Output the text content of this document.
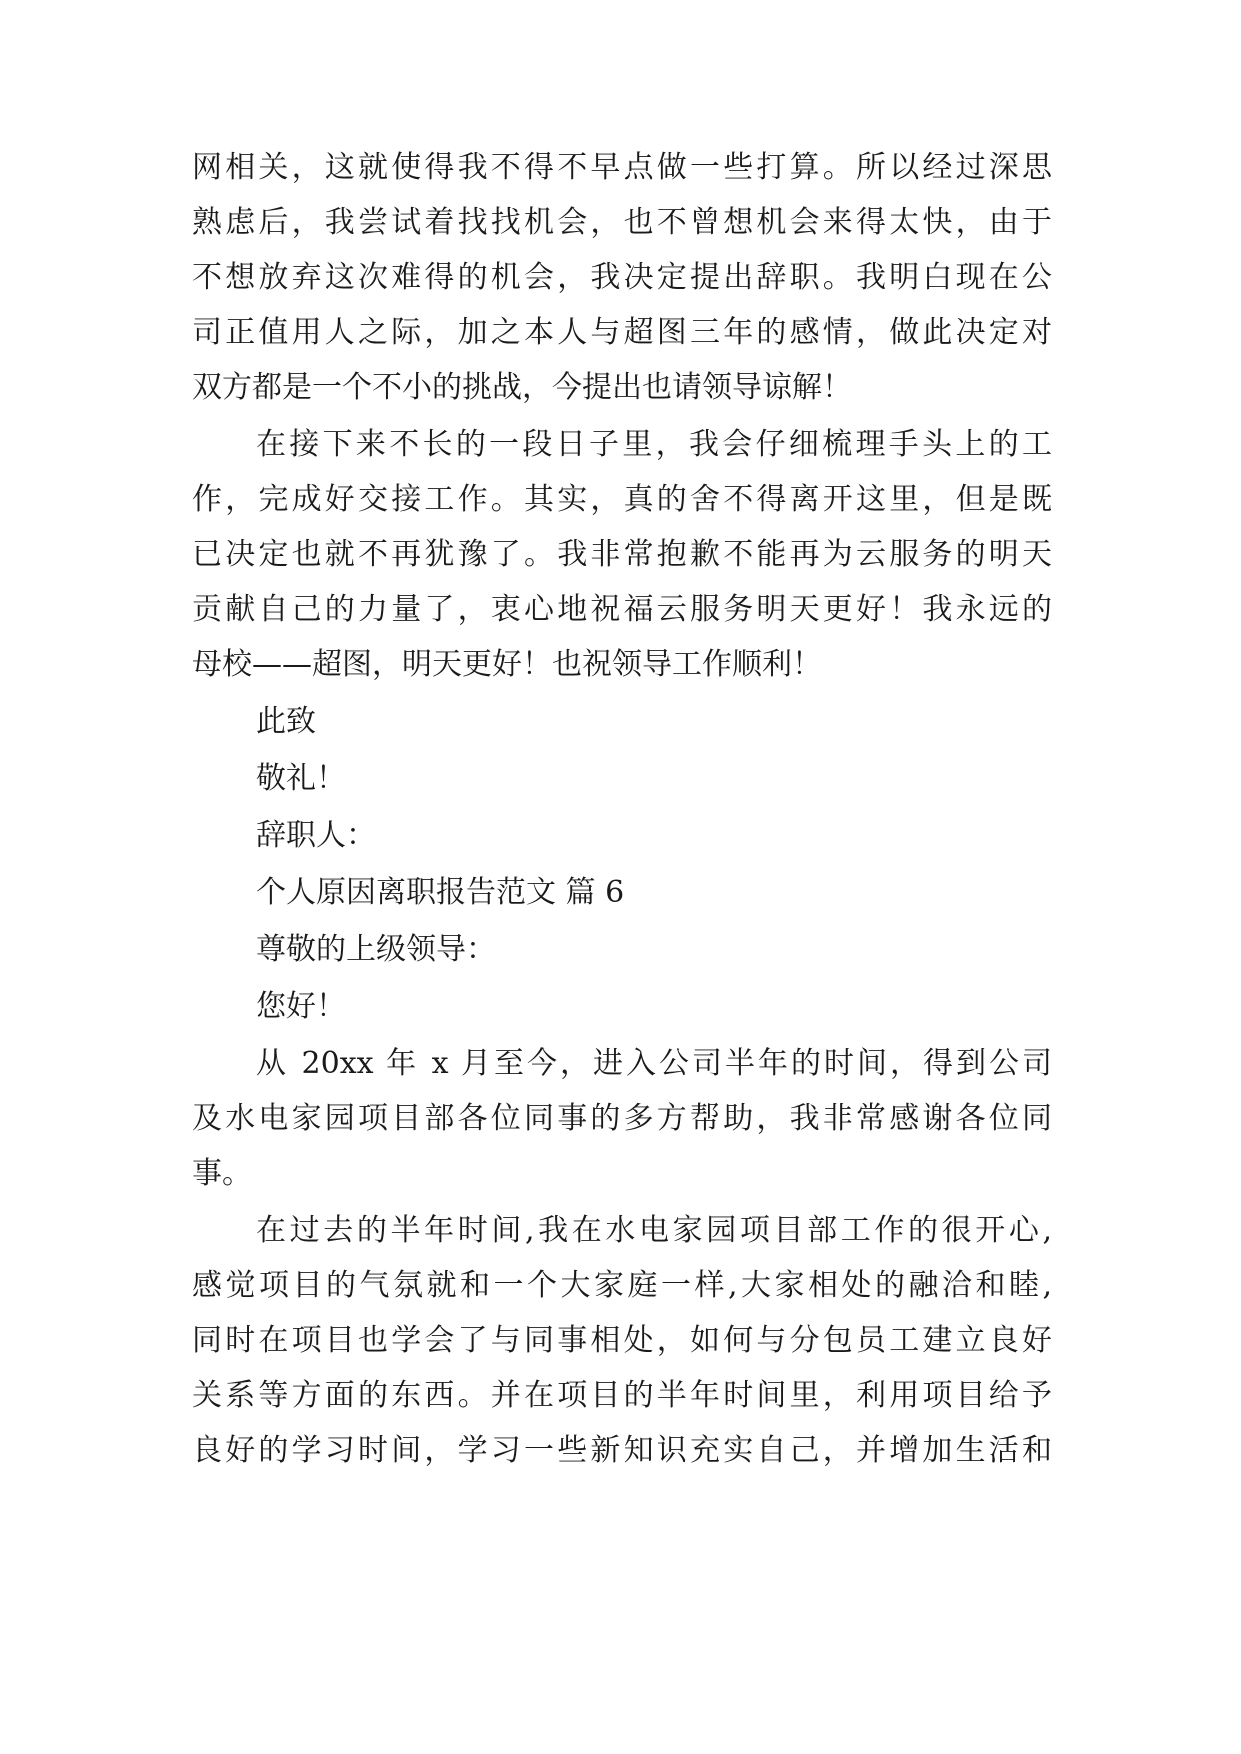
网相关，这就使得我不得不早点做一些打算。所以经过深思
熟虑后，我尝试着找找机会，也不曾想机会来得太快，由于
不想放弃这次难得的机会，我决定提出辞职。我明白现在公
司正值用人之际，加之本人与超图三年的感情，做此决定对
双方都是一个不小的挑战，今提出也请领导谅解！
在接下来不长的一段日子里，我会仔细梳理手头上的工
作，完成好交接工作。其实，真的舍不得离开这里，但是既
已决定也就不再犹豫了。我非常抱歉不能再为云服务的明天
贡献自己的力量了，衷心地祝福云服务明天更好！我永远的
母校——超图，明天更好！也祝领导工作顺利！
此致
敬礼！
辞职人：
个人原因离职报告范文 篇 6
尊敬的上级领导：
您好！
从 20xx 年 x 月至今，进入公司半年的时间，得到公司
及水电家园项目部各位同事的多方帮助，我非常感谢各位同
事。
在过去的半年时间,我在水电家园项目部工作的很开心,
感觉项目的气氛就和一个大家庭一样,大家相处的融洽和睦,
同时在项目也学会了与同事相处，如何与分包员工建立良好
关系等方面的东西。并在项目的半年时间里，利用项目给予
良好的学习时间，学习一些新知识充实自己，并增加生活和
